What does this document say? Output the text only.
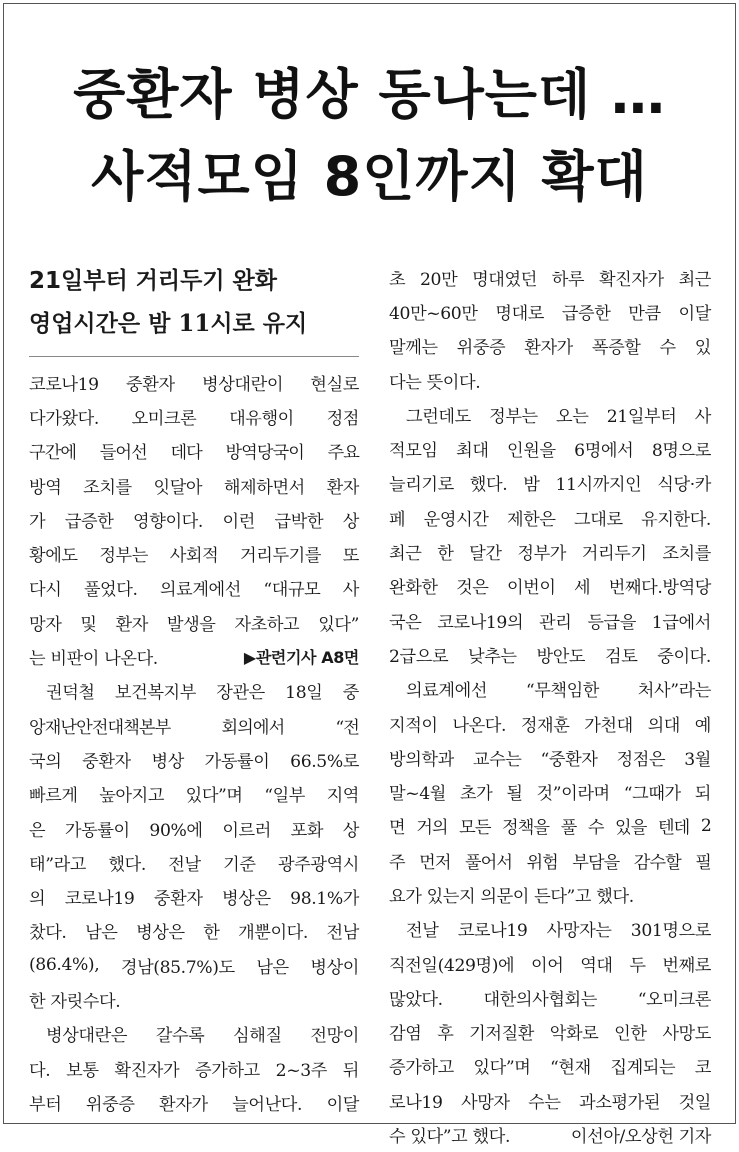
중환자 병상 동나는데 …
사적모임 8인까지 확대
21일부터 거리두기 완화
영업시간은 밤 11시로 유지
코로나19 중환자 병상대란이 현실로
다가왔다. 오미크론 대유행이 정점
구간에 들어선 데다 방역당국이 주요
방역 조치를 잇달아 해제하면서 환자
가 급증한 영향이다. 이런 급박한 상
황에도 정부는 사회적 거리두기를 또
다시 풀었다. 의료계에선 “대규모 사
망자 및 환자 발생을 자초하고 있다”
는 비판이 나온다.	▶관련기사 A8면
권덕철 보건복지부 장관은 18일 중
앙재난안전대책본부	회의에서	“전
국의 중환자 병상 가동률이 66.5%로
빠르게 높아지고 있다”며 “일부 지역
은 가동률이 90%에 이르러 포화 상
태”라고 했다. 전날 기준 광주광역시
의 코로나19 중환자 병상은 98.1%가
찼다. 남은 병상은 한 개뿐이다. 전남
(86.4%), 경남(85.7%)도 남은 병상이
한 자릿수다.
병상대란은 갈수록 심해질 전망이
다. 보통 확진자가 증가하고 2~3주 뒤
부터 위중증 환자가 늘어난다. 이달
초 20만 명대였던 하루 확진자가 최근
40만~60만 명대로 급증한 만큼 이달
말께는 위중증 환자가 폭증할 수 있
다는 뜻이다.
그런데도 정부는 오는 21일부터 사
적모임 최대 인원을 6명에서 8명으로
늘리기로 했다. 밤 11시까지인 식당·카
페 운영시간 제한은 그대로 유지한다.
최근 한 달간 정부가 거리두기 조치를
완화한 것은 이번이 세 번째다.방역당
국은 코로나19의 관리 등급을 1급에서
2급으로 낮추는 방안도 검토 중이다.
의료계에선 “무책임한 처사”라는
지적이 나온다. 정재훈 가천대 의대 예
방의학과 교수는 “중환자 정점은 3월
말~4월 초가 될 것”이라며 “그때가 되
면 거의 모든 정책을 풀 수 있을 텐데 2
주 먼저 풀어서 위험 부담을 감수할 필
요가 있는지 의문이 든다”고 했다.
전날 코로나19 사망자는 301명으로
직전일(429명)에 이어 역대 두 번째로
많았다. 대한의사협회는 “오미크론
감염 후 기저질환 악화로 인한 사망도
증가하고 있다”며 “현재 집계되는 코
로나19 사망자 수는 과소평가된 것일
수 있다”고 했다.	이선아/오상헌 기자
